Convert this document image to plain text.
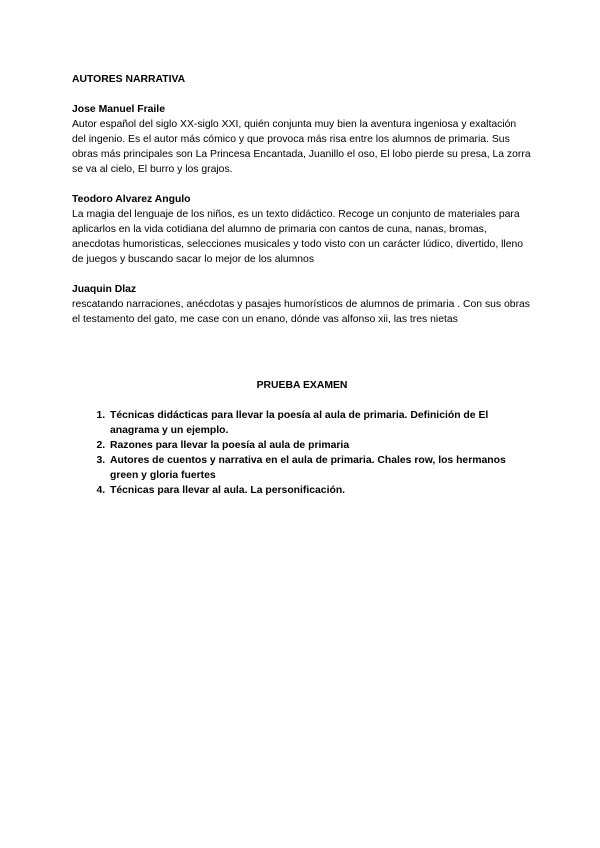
AUTORES NARRATIVA

Jose Manuel Fraile

Autor español del siglo XX-siglo XXI, quién conjunta muy bien la aventura ingeniosa y exaltación del ingenio. Es el autor más cómico y que provoca más risa entre los alumnos de primaria. Sus obras más principales son La Princesa Encantada, Juanillo el oso, El lobo pierde su presa, La zorra se va al cielo, El burro y los grajos.

Teodoro Alvarez Angulo

La magia del lenguaje de los niños, es un texto didáctico. Recoge un conjunto de materiales para aplicarlos en la vida cotidiana del alumno de primaria con cantos de cuna, nanas, bromas, anecdotas humoristicas, selecciones musicales y todo visto con un carácter lúdico, divertido, lleno de juegos y buscando sacar lo mejor de los alumnos

Juaquin Dlaz

rescatando narraciones, anécdotas y pasajes humorísticos de alumnos de primaria . Con sus obras el testamento del gato, me case con un enano, dónde vas alfonso xii, las tres nietas

PRUEBA EXAMEN

1. Técnicas didácticas para llevar la poesía al aula de primaria. Definición de El anagrama y un ejemplo.
2. Razones para llevar la poesía al aula de primaria
3. Autores de cuentos y narrativa en el aula de primaria. Chales row, los hermanos green y gloria fuertes
4. Técnicas para llevar al aula. La personificación.
